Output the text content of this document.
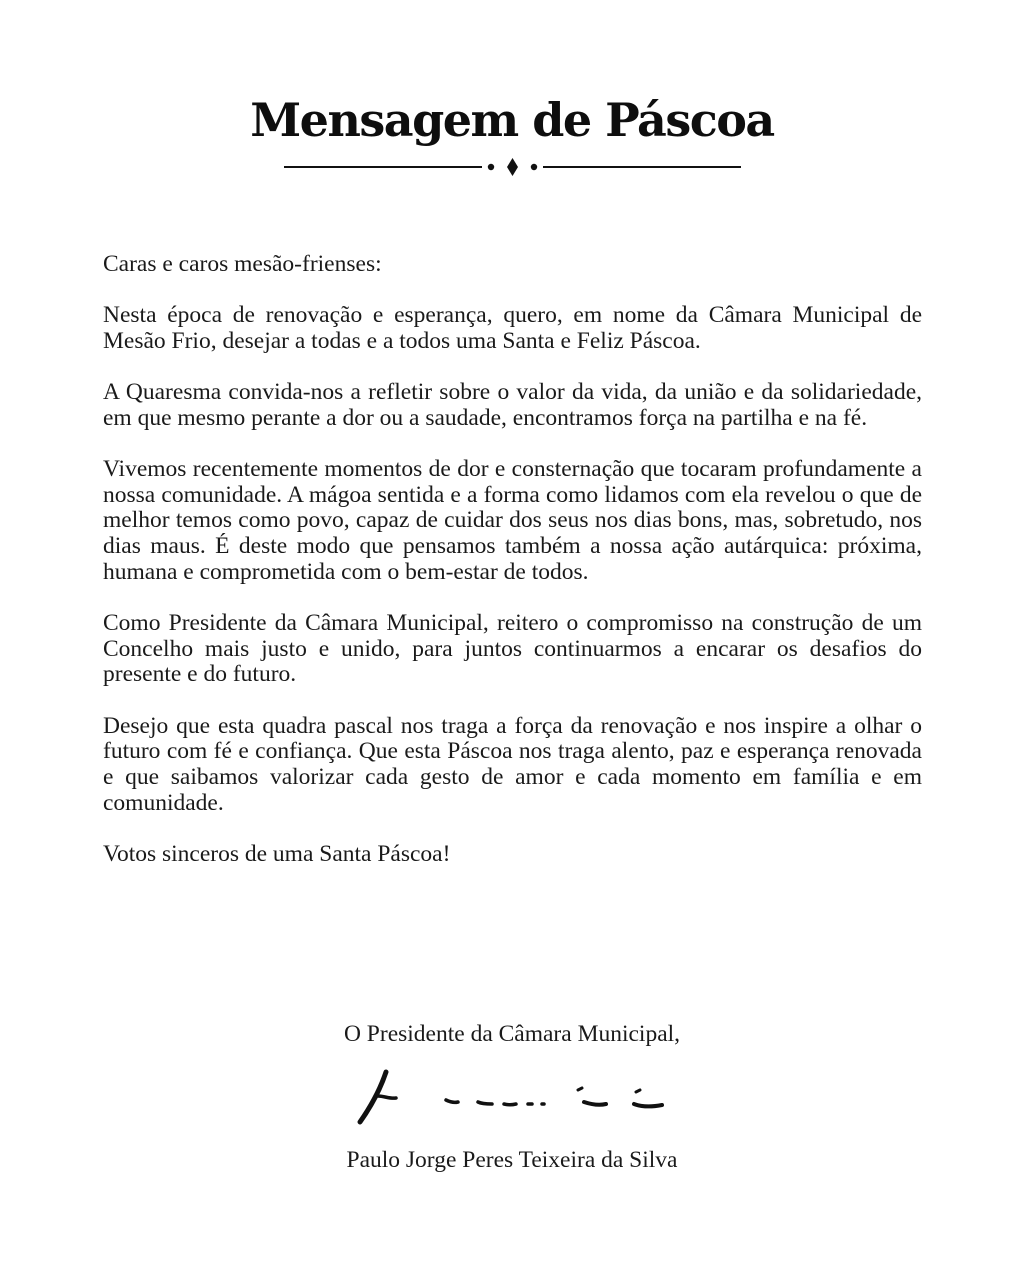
Mensagem de Páscoa

Caras e caros mesão-frienses:

Nesta época de renovação e esperança, quero, em nome da Câmara Municipal de Mesão Frio, desejar a todas e a todos uma Santa e Feliz Páscoa.

A Quaresma convida-nos a refletir sobre o valor da vida, da união e da solidariedade, em que mesmo perante a dor ou a saudade, encontramos força na partilha e na fé.

Vivemos recentemente momentos de dor e consternação que tocaram profundamente a nossa comunidade. A mágoa sentida e a forma como lidamos com ela revelou o que de melhor temos como povo, capaz de cuidar dos seus nos dias bons, mas, sobretudo, nos dias maus. É deste modo que pensamos também a nossa ação autárquica: próxima, humana e comprometida com o bem-estar de todos.

Como Presidente da Câmara Municipal, reitero o compromisso na construção de um Concelho mais justo e unido, para juntos continuarmos a encarar os desafios do presente e do futuro.

Desejo que esta quadra pascal nos traga a força da renovação e nos inspire a olhar o futuro com fé e confiança. Que esta Páscoa nos traga alento, paz e esperança renovada e que saibamos valorizar cada gesto de amor e cada momento em família e em comunidade.

Votos sinceros de uma Santa Páscoa!

O Presidente da Câmara Municipal,
Paulo Jorge Peres Teixeira da Silva
